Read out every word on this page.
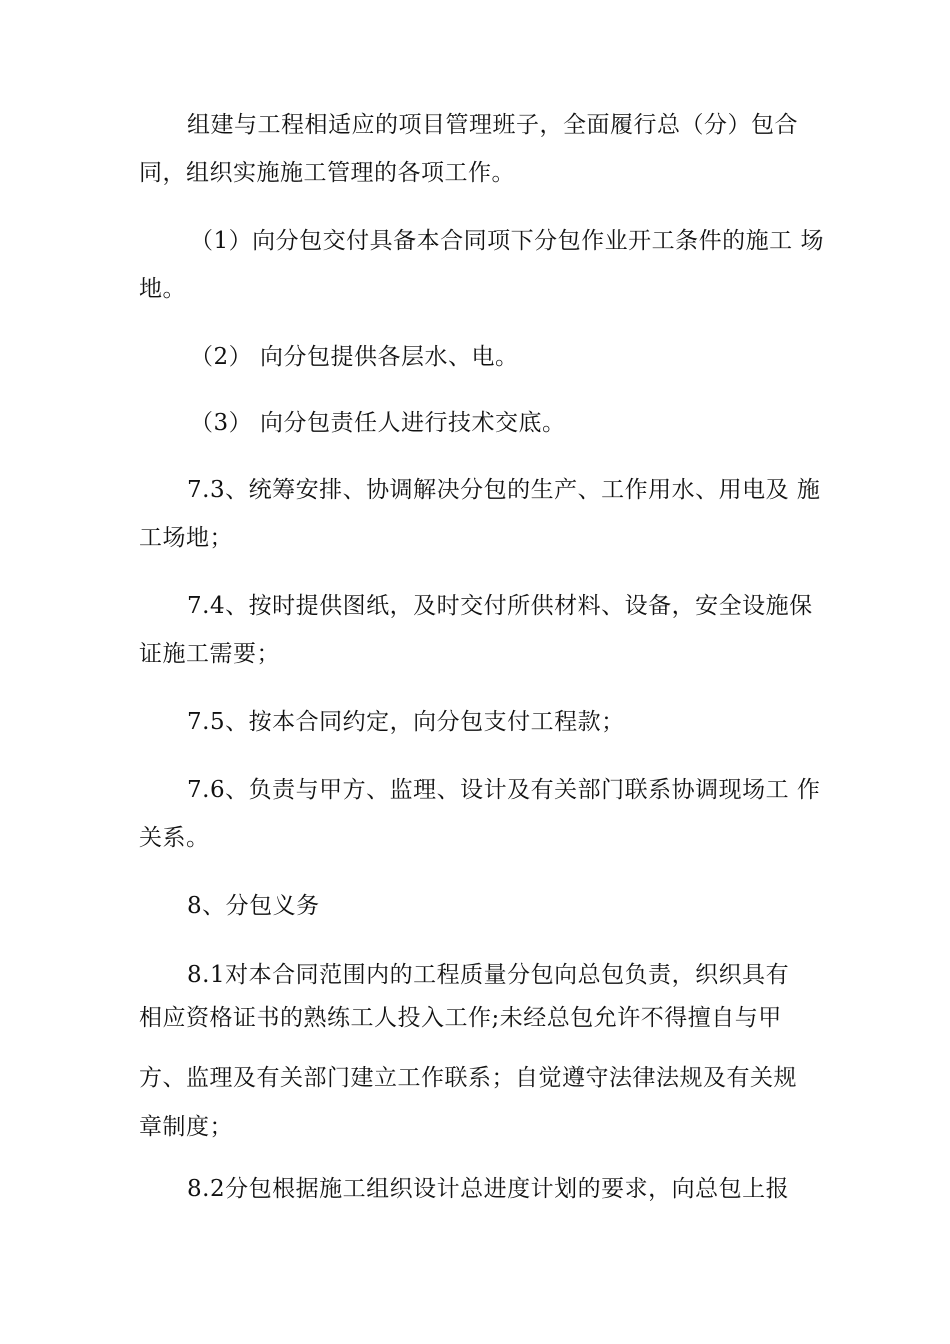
组建与工程相适应的项目管理班子，全面履行总（分）包合
同，组织实施施工管理的各项工作。
（1）向分包交付具备本合同项下分包作业开工条件的施工 场
地。
（2） 向分包提供各层水、电。
（3） 向分包责任人进行技术交底。
7.3、统筹安排、协调解决分包的生产、工作用水、用电及 施
工场地；
7.4、按时提供图纸，及时交付所供材料、设备，安全设施保
证施工需要；
7.5、按本合同约定，向分包支付工程款；
7.6、负责与甲方、监理、设计及有关部门联系协调现场工 作
关系。
8、分包义务
8.1对本合同范围内的工程质量分包向总包负责，织织具有
相应资格证书的熟练工人投入工作;未经总包允许不得擅自与甲
方、监理及有关部门建立工作联系；自觉遵守法律法规及有关规
章制度；
8.2分包根据施工组织设计总进度计划的要求，向总包上报
